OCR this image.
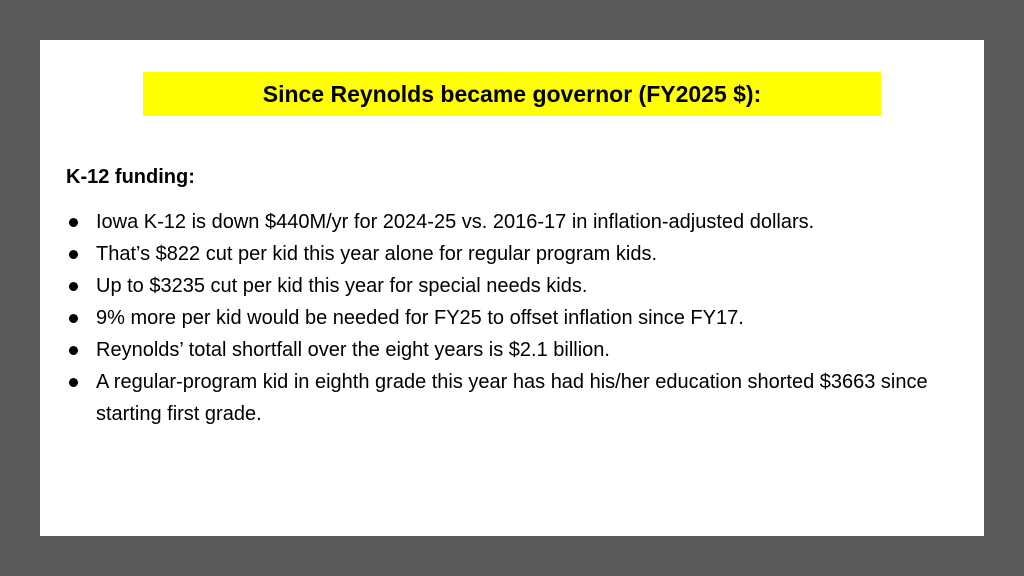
Since Reynolds became governor (FY2025 $):
K-12 funding:
Iowa K-12 is down $440M/yr for 2024-25 vs. 2016-17 in inflation-adjusted dollars.
That’s $822 cut per kid this year alone for regular program kids.
Up to $3235 cut per kid this year for special needs kids.
9% more per kid would be needed for FY25 to offset inflation since FY17.
Reynolds’ total shortfall over the eight years is $2.1 billion.
A regular-program kid in eighth grade this year has had his/her education shorted $3663 since starting first grade.
